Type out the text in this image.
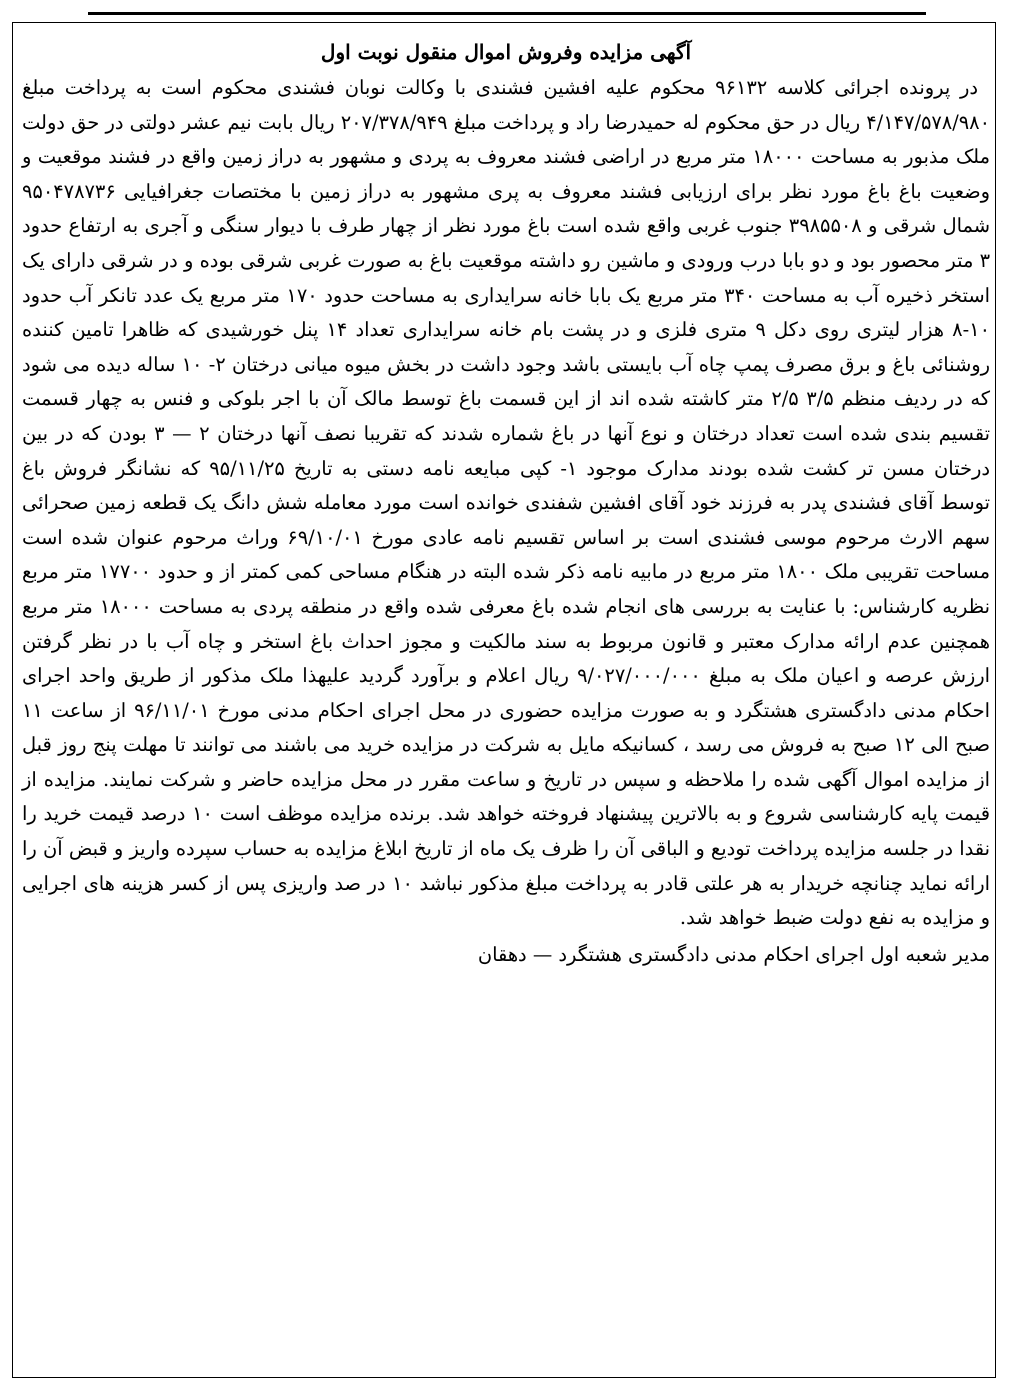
آگهی مزایده وفروش اموال منقول نوبت اول

در پرونده اجرائی کلاسه ۹۶۱۳۲ محکوم علیه افشین فشندی با وکالت نوبان فشندی محکوم است به پرداخت مبلغ ۴/۱۴۷/۵۷۸/۹۸۰ ریال در حق محکوم له حمیدرضا راد و پرداخت مبلغ ۲۰۷/۳۷۸/۹۴۹ ریال بابت نیم عشر دولتی در حق دولت ملک مذبور به مساحت ۱۸۰۰۰ متر مربع در اراضی فشند معروف به پردی و مشهور به دراز زمین واقع در فشند موقعیت و وضعیت باغ باغ مورد نظر برای ارزیابی فشند معروف به پری مشهور به دراز زمین با مختصات جغرافیایی ۹۵۰۴۷۸۷۳۶ شمال شرقی و ۳۹۸۵۵۰۸ جنوب غربی واقع شده است باغ مورد نظر از چهار طرف با دیوار سنگی و آجری به ارتفاع حدود ۳ متر محصور بود و دو بابا درب ورودی و ماشین رو داشته موقعیت باغ به صورت غربی شرقی بوده و در شرقی دارای یک استخر ذخیره آب به مساحت ۳۴۰ متر مربع یک بابا خانه سرایداری به مساحت حدود ۱۷۰ متر مربع یک عدد تانکر آب حدود ۱۰-۸ هزار لیتری روی دکل ۹ متری فلزی و در پشت بام خانه سرایداری تعداد ۱۴ پنل خورشیدی که ظاهرا تامین کننده روشنائی باغ و برق مصرف پمپ چاه آب بایستی باشد وجود داشت در بخش میوه میانی درختان ۲- ۱۰ ساله دیده می شود که در ردیف منظم ۳/۵ ۲/۵ متر کاشته شده اند از این قسمت باغ توسط مالک آن با اجر بلوکی و فنس به چهار قسمت تقسیم بندی شده است تعداد درختان و نوع آنها در باغ شماره شدند که تقریبا نصف آنها درختان ۲ — ۳ بودن که در بین درختان مسن تر کشت شده بودند مدارک موجود ۱- کپی مبایعه نامه دستی به تاریخ ۹۵/۱۱/۲۵ که نشانگر فروش باغ توسط آقای فشندی پدر به فرزند خود آقای افشین شفندی خوانده است مورد معامله شش دانگ یک قطعه زمین صحرائی سهم الارث مرحوم موسی فشندی است بر اساس تقسیم نامه عادی مورخ ۶۹/۱۰/۰۱ وراث مرحوم عنوان شده است مساحت تقریبی ملک ۱۸۰۰ متر مربع در مابیه نامه ذکر شده البته در هنگام مساحی کمی کمتر از و حدود ۱۷۷۰۰ متر مربع نظریه کارشناس: با عنایت به بررسی های انجام شده باغ معرفی شده واقع در منطقه پردی به مساحت ۱۸۰۰۰ متر مربع همچنین عدم ارائه مدارک معتبر و قانون مربوط به سند مالکیت و مجوز احداث باغ استخر و چاه آب با در نظر گرفتن ارزش عرصه و اعیان ملک به مبلغ ۹/۰۲۷/۰۰۰/۰۰۰ ریال اعلام و برآورد گردید علیهذا ملک مذکور از طریق واحد اجرای احکام مدنی دادگستری هشتگرد و به صورت مزایده حضوری در محل اجرای احکام مدنی مورخ ۹۶/۱۱/۰۱ از ساعت ۱۱ صبح الی ۱۲ صبح به فروش می رسد ، کسانیکه مایل به شرکت در مزایده خرید می باشند می توانند تا مهلت پنج روز قبل از مزایده اموال آگهی شده را ملاحظه و سپس در تاریخ و ساعت مقرر در محل مزایده حاضر و شرکت نمایند. مزایده از قیمت پایه کارشناسی شروع و به بالاترین پیشنهاد فروخته خواهد شد. برنده مزایده موظف است ۱۰ درصد قیمت خرید را نقدا در جلسه مزایده پرداخت تودیع و الباقی آن را ظرف یک ماه از تاریخ ابلاغ مزایده به حساب سپرده واریز و قبض آن را ارائه نماید چنانچه خریدار به هر علتی قادر به پرداخت مبلغ مذکور نباشد ۱۰ در صد واریزی پس از کسر هزینه های اجرایی و مزایده به نفع دولت ضبط خواهد شد.

مدیر شعبه اول اجرای احکام مدنی دادگستری هشتگرد — دهقان
